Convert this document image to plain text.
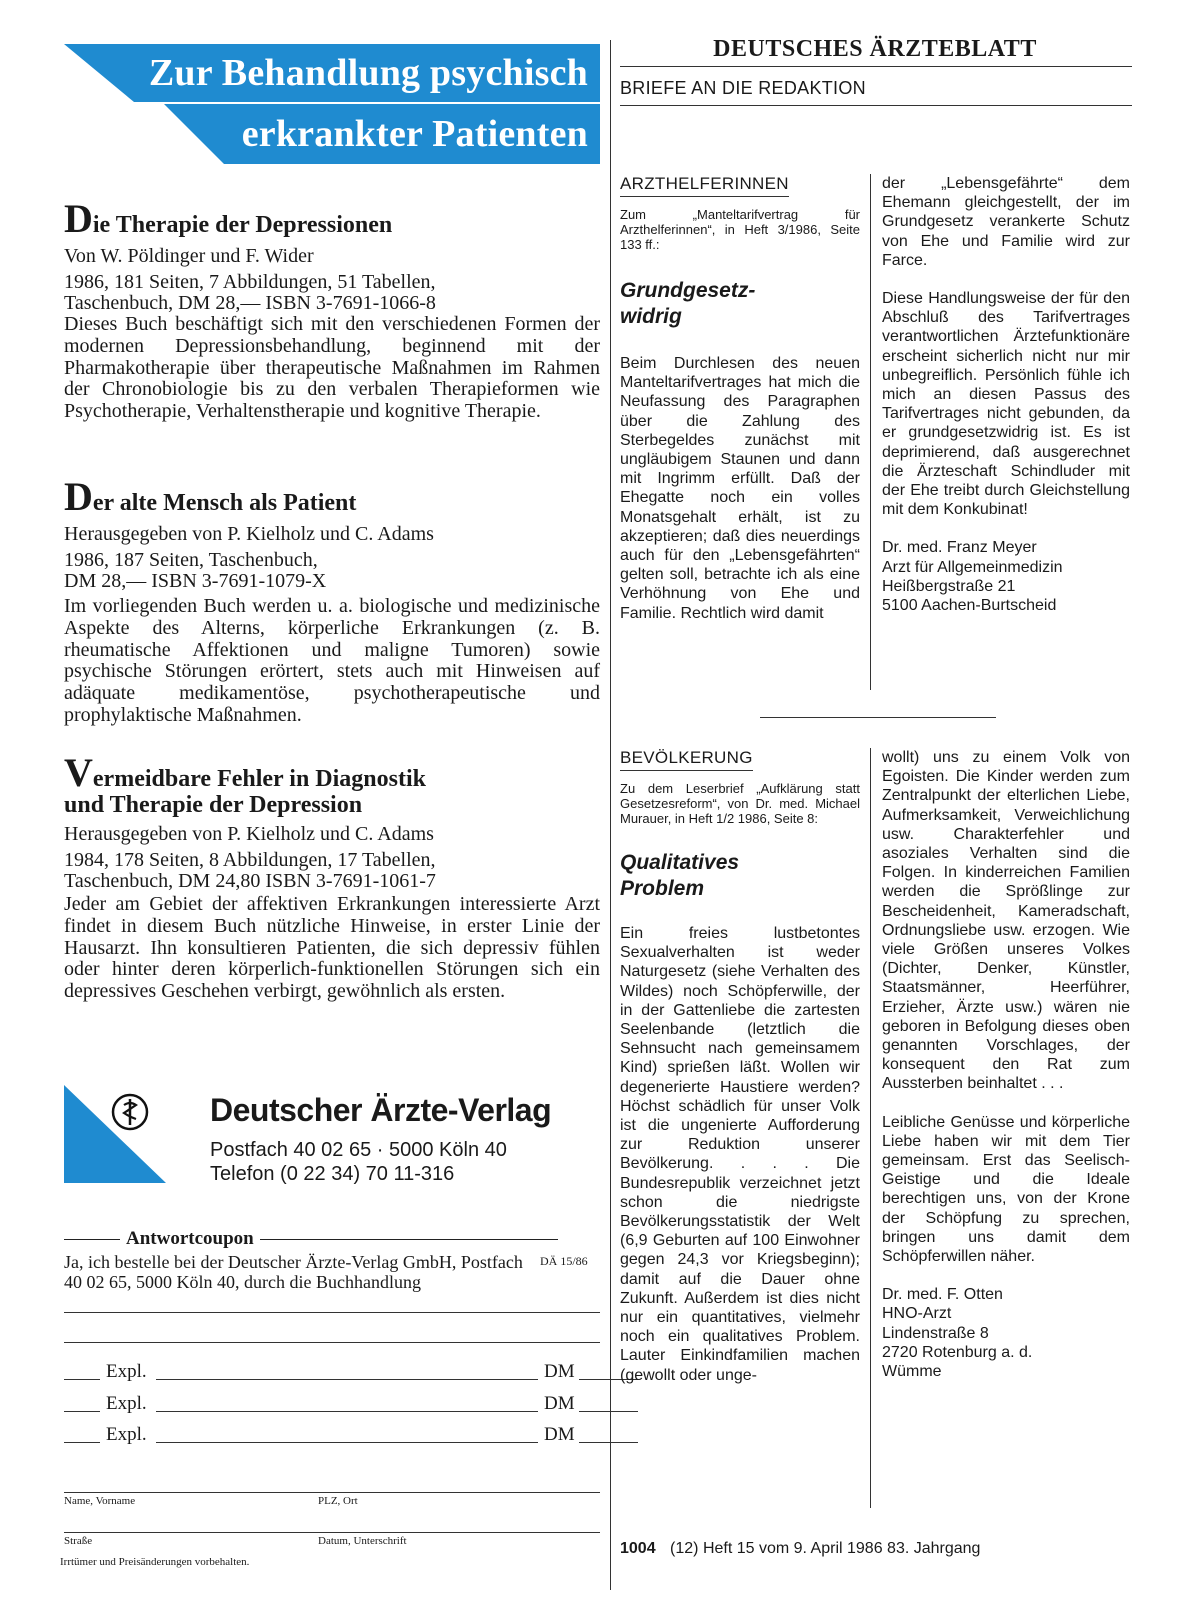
Zur Behandlung psychisch
erkrankter Patienten
Die Therapie der Depressionen
Von W. Pöldinger und F. Wider
1986, 181 Seiten, 7 Abbildungen, 51 Tabellen,
Taschenbuch, DM 28,— ISBN 3-7691-1066-8

Dieses Buch beschäftigt sich mit den verschiedenen Formen der modernen Depressionsbehandlung, beginnend mit der Pharmakotherapie über therapeutische Maßnahmen im Rahmen der Chronobiologie bis zu den verbalen Therapieformen wie Psychotherapie, Verhaltenstherapie und kognitive Therapie.

Der alte Mensch als Patient
Herausgegeben von P. Kielholz und C. Adams
1986, 187 Seiten, Taschenbuch,
DM 28,— ISBN 3-7691-1079-X

Im vorliegenden Buch werden u. a. biologische und medizinische Aspekte des Alterns, körperliche Erkrankungen (z. B. rheumatische Affektionen und maligne Tumoren) sowie psychische Störungen erörtert, stets auch mit Hinweisen auf adäquate medikamentöse, psychotherapeutische und prophylaktische Maßnahmen.

Vermeidbare Fehler in Diagnostik
und Therapie der Depression
Herausgegeben von P. Kielholz und C. Adams
1984, 178 Seiten, 8 Abbildungen, 17 Tabellen,
Taschenbuch, DM 24,80 ISBN 3-7691-1061-7

Jeder am Gebiet der affektiven Erkrankungen interessierte Arzt findet in diesem Buch nützliche Hinweise, in erster Linie der Hausarzt. Ihn konsultieren Patienten, die sich depressiv fühlen oder hinter deren körperlich-funktionellen Störungen sich ein depressives Geschehen verbirgt, gewöhnlich als ersten.

Deutscher Ärzte-Verlag
Postfach 40 02 65 · 5000 Köln 40
Telefon (0 22 34) 70 11-316
Antwortcoupon
Ja, ich bestelle bei der Deutscher Ärzte-Verlag GmbH, Postfach 40 02 65, 5000 Köln 40, durch die Buchhandlung
DÄ 15/86
Expl.	DM
Expl.	DM
Expl.	DM
Name, Vorname	PLZ, Ort
Straße	Datum, Unterschrift
Irrtümer und Preisänderungen vorbehalten.
DEUTSCHES ÄRZTEBLATT
BRIEFE AN DIE REDAKTION
ARZTHELFERINNEN
Zum „Manteltarifvertrag für Arzthelferinnen“, in Heft 3/1986, Seite 133 ff.:
Grundgesetz-
widrig

Beim Durchlesen des neuen Manteltarifvertrages hat mich die Neufassung des Paragraphen über die Zahlung des Sterbegeldes zunächst mit ungläubigem Staunen und dann mit Ingrimm erfüllt. Daß der Ehegatte noch ein volles Monatsgehalt erhält, ist zu akzeptieren; daß dies neuerdings auch für den „Lebensgefährten“ gelten soll, betrachte ich als eine Verhöhnung von Ehe und Familie. Rechtlich wird damit

der „Lebensgefährte“ dem Ehemann gleichgestellt, der im Grundgesetz verankerte Schutz von Ehe und Familie wird zur Farce.

Diese Handlungsweise der für den Abschluß des Tarifvertrages verantwortlichen Ärztefunktionäre erscheint sicherlich nicht nur mir unbegreiflich. Persönlich fühle ich mich an diesen Passus des Tarifvertrages nicht gebunden, da er grundgesetzwidrig ist. Es ist deprimierend, daß ausgerechnet die Ärzteschaft Schindluder mit der Ehe treibt durch Gleichstellung mit dem Konkubinat!

Dr. med. Franz Meyer
Arzt für Allgemeinmedizin
Heißbergstraße 21
5100 Aachen-Burtscheid
BEVÖLKERUNG
Zu dem Leserbrief „Aufklärung statt Gesetzesreform“, von Dr. med. Michael Murauer, in Heft 1/2 1986, Seite 8:
Qualitatives
Problem

Ein freies lustbetontes Sexualverhalten ist weder Naturgesetz (siehe Verhalten des Wildes) noch Schöpferwille, der in der Gattenliebe die zartesten Seelenbande (letztlich die Sehnsucht nach gemeinsamem Kind) sprießen läßt. Wollen wir degenerierte Haustiere werden? Höchst schädlich für unser Volk ist die ungenierte Aufforderung zur Reduktion unserer Bevölkerung. . . . Die Bundesrepublik verzeichnet jetzt schon die niedrigste Bevölkerungsstatistik der Welt (6,9 Geburten auf 100 Einwohner gegen 24,3 vor Kriegsbeginn); damit auf die Dauer ohne Zukunft. Außerdem ist dies nicht nur ein quantitatives, vielmehr noch ein qualitatives Problem. Lauter Einkindfamilien machen (gewollt oder unge-

wollt) uns zu einem Volk von Egoisten. Die Kinder werden zum Zentralpunkt der elterlichen Liebe, Aufmerksamkeit, Verweichlichung usw. Charakterfehler und asoziales Verhalten sind die Folgen. In kinderreichen Familien werden die Sprößlinge zur Bescheidenheit, Kameradschaft, Ordnungsliebe usw. erzogen. Wie viele Größen unseres Volkes (Dichter, Denker, Künstler, Staatsmänner, Heerführer, Erzieher, Ärzte usw.) wären nie geboren in Befolgung dieses oben genannten Vorschlages, der konsequent den Rat zum Aussterben beinhaltet . . .

Leibliche Genüsse und körperliche Liebe haben wir mit dem Tier gemeinsam. Erst das Seelisch-Geistige und die Ideale berechtigen uns, von der Krone der Schöpfung zu sprechen, bringen uns damit dem Schöpferwillen näher.

Dr. med. F. Otten
HNO-Arzt
Lindenstraße 8
2720 Rotenburg a. d.
Wümme
1004 (12) Heft 15 vom 9. April 1986 83. Jahrgang
